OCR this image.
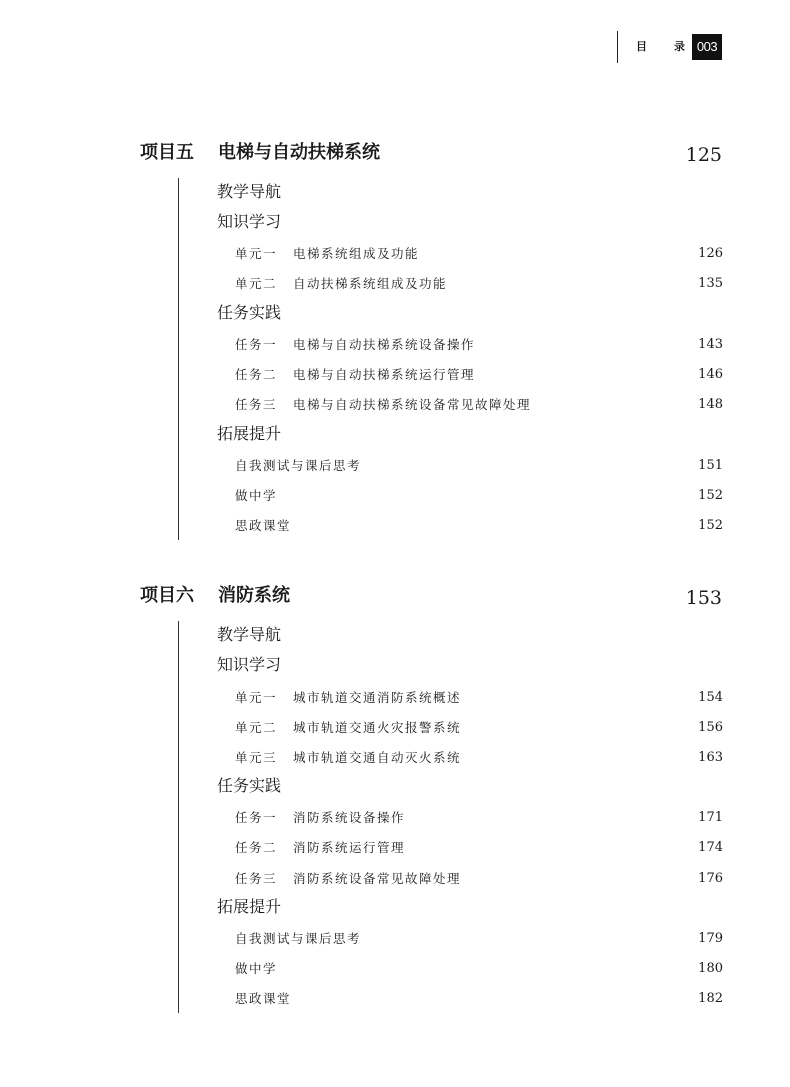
目 录 003
项目五 电梯与自动扶梯系统	125
教学导航
知识学习
单元一 电梯系统组成及功能	126
单元二 自动扶梯系统组成及功能	135
任务实践
任务一 电梯与自动扶梯系统设备操作	143
任务二 电梯与自动扶梯系统运行管理	146
任务三 电梯与自动扶梯系统设备常见故障处理	148
拓展提升
自我测试与课后思考	151
做中学	152
思政课堂	152
项目六 消防系统	153
教学导航
知识学习
单元一 城市轨道交通消防系统概述	154
单元二 城市轨道交通火灾报警系统	156
单元三 城市轨道交通自动灭火系统	163
任务实践
任务一 消防系统设备操作	171
任务二 消防系统运行管理	174
任务三 消防系统设备常见故障处理	176
拓展提升
自我测试与课后思考	179
做中学	180
思政课堂	182
